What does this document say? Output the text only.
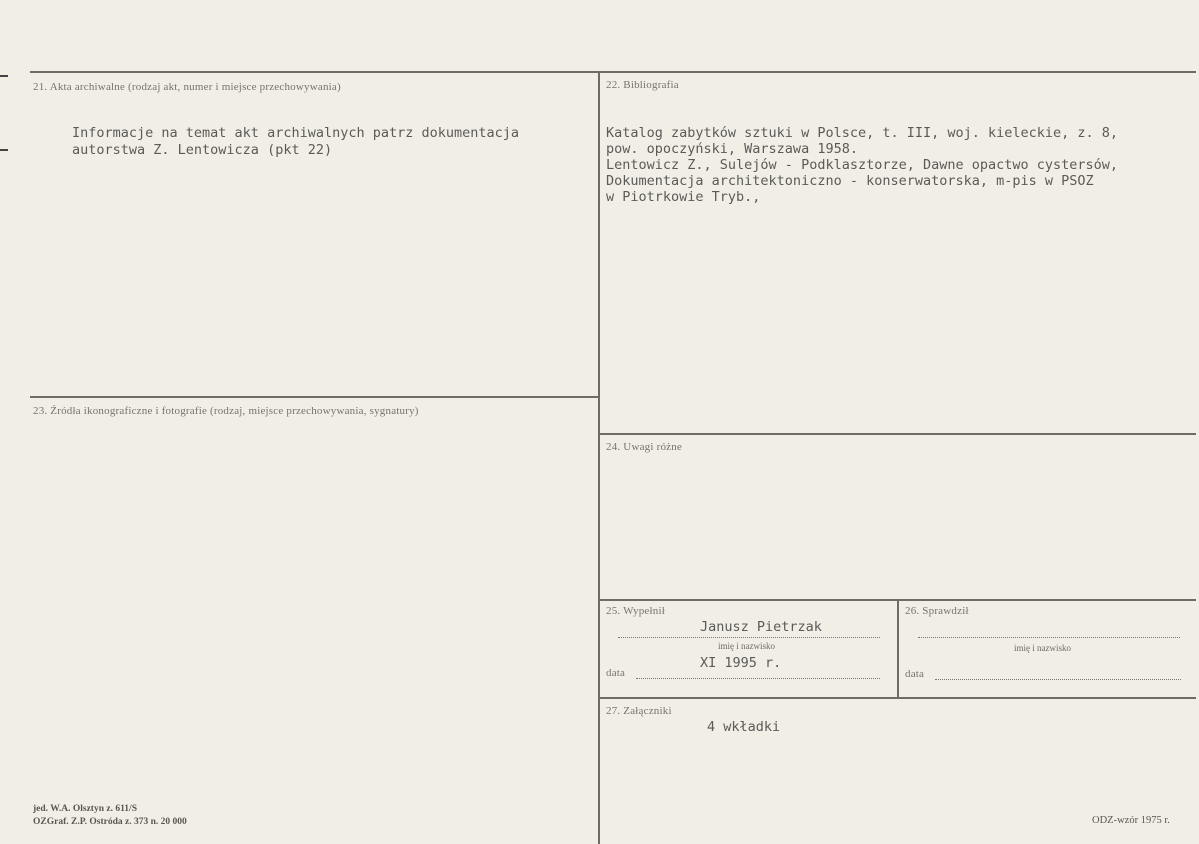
21. Akta archiwalne (rodzaj akt, numer i miejsce przechowywania)
Informacje na temat akt archiwalnych patrz dokumentacja
autorstwa Z. Lentowicza (pkt 22)
22. Bibliografia
Katalog zabytków sztuki w Polsce, t. III, woj. kieleckie, z. 8,
pow. opoczyński, Warszawa 1958.
Lentowicz Z., Sulejów - Podklasztorze, Dawne opactwo cystersów,
Dokumentacja architektoniczno - konserwatorska, m-pis w PSOZ
w Piotrkowie Tryb.,
23. Źródła ikonograficzne i fotografie (rodzaj, miejsce przechowywania, sygnatury)
24. Uwagi różne
25. Wypełnił
Janusz Pietrzak
imię i nazwisko
XI 1995 r.
data
26. Sprawdził
imię i nazwisko
data
27. Załączniki
4 wkładki
jed. W.A. Olsztyn z. 611/S
OZGraf. Z.P. Ostróda z. 373 n. 20 000	ODZ-wzór 1975 r.
